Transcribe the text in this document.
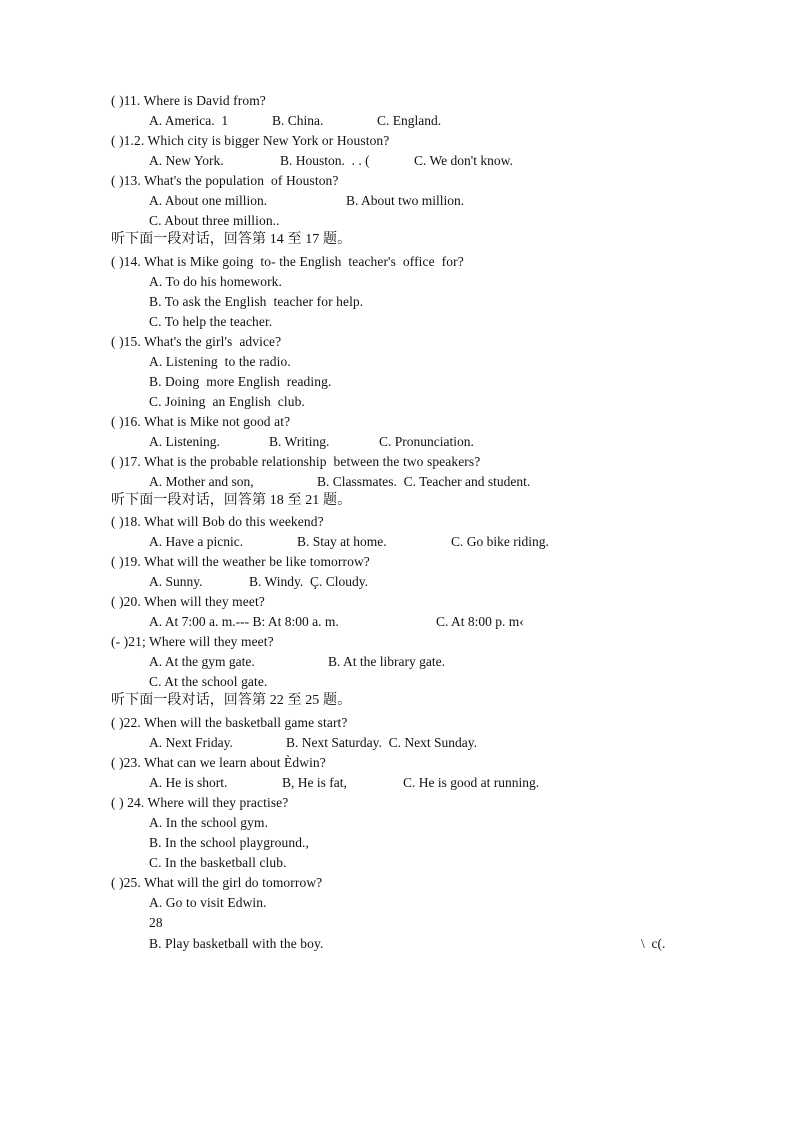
( )11. Where is David from?
A. America.  1	B. China.	C. England.
( )1.2. Which city is bigger New York or Houston?
A. New York.	B. Houston.  . . (	C. We don't know.
( )13. What's the population  of Houston?
A. About one million.	B. About two million.
C. About three million..
听下面一段对话，回答第 14 至 17 题。
( )14. What is Mike going  to- the English  teacher's  office  for?
A. To do his homework.
B. To ask the English  teacher for help.
C. To help the teacher.
( )15. What's the girl's  advice?
A. Listening  to the radio.
B. Doing  more English  reading.
C. Joining  an English  club.
( )16. What is Mike not good at?
A. Listening.	B. Writing.	C. Pronunciation.
( )17. What is the probable relationship  between the two speakers?
A. Mother and son,	B. Classmates.  C. Teacher and student.
听下面一段对话，回答第 18 至 21 题。
( )18. What will Bob do this weekend?
A. Have a picnic.	B. Stay at home.	C. Go bike riding.
( )19. What will the weather be like tomorrow?
A. Sunny.	B. Windy.  Ç. Cloudy.
( )20. When will they meet?
A. At 7:00 a. m.--- B: At 8:00 a. m.	C. At 8:00 p. m‹
(- )21; Where will they meet?
A. At the gym gate.	B. At the library gate.
C. At the school gate.
听下面一段对话，回答第 22 至 25 题。
( )22. When will the basketball game start?
A. Next Friday.	B. Next Saturday.  C. Next Sunday.
( )23. What can we learn about Èdwin?
A. He is short.	B, He is fat,	C. He is good at running.
( ) 24. Where will they practise?
A. In the school gym.
B. In the school playground.,
C. In the basketball club.
( )25. What will the girl do tomorrow?
A. Go to visit Edwin.
28
B. Play basketball with the boy.	\  c(.
